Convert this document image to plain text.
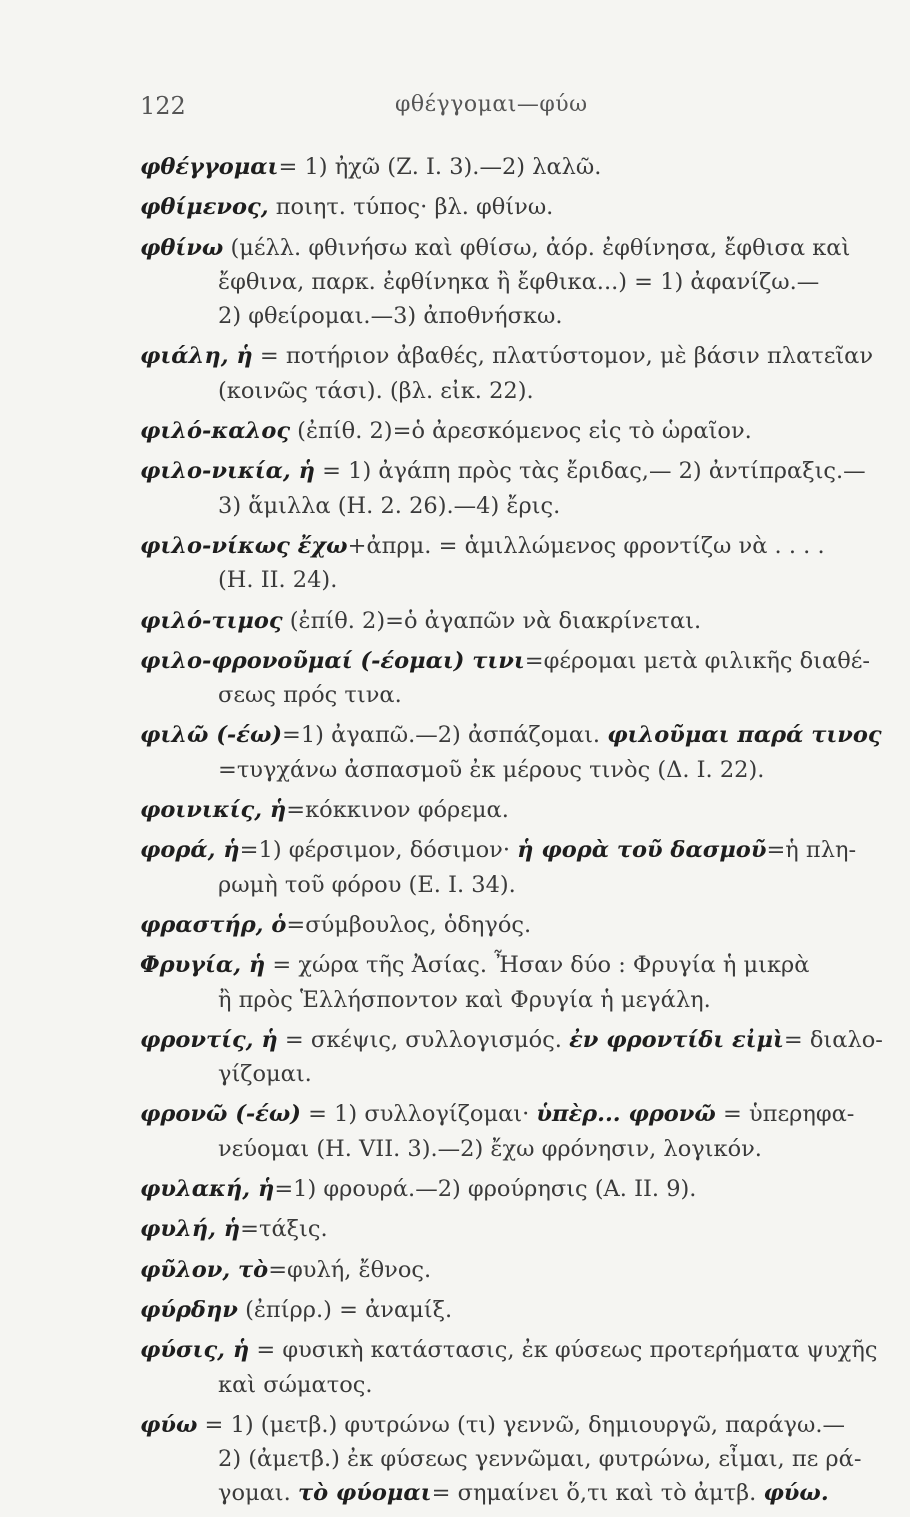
122	φθέγγομαι—φύω
φθέγγομαι= 1) ἠχῶ (Ζ. Ι. 3).—2) λαλῶ.
φθίμενος, ποιητ. τύπος· βλ. φθίνω.
φθίνω (μέλλ. φθινήσω καὶ φθίσω, ἀόρ. ἐφθίνησα, ἔφθισα καὶ
ἔφθινα, παρκ. ἐφθίνηκα ἢ ἔφθικα...) = 1) ἀφανίζω.—
2) φθείρομαι.—3) ἀποθνήσκω.
φιάλη, ἡ = ποτήριον ἀβαθές, πλατύστομον, μὲ βάσιν πλατεῖαν
(κοινῶς τάσι). (βλ. εἰκ. 22).
φιλό-καλος (ἐπίθ. 2)=ὁ ἀρεσκόμενος εἰς τὸ ὡραῖον.
φιλο-νικία, ἡ = 1) ἀγάπη πρὸς τὰς ἔριδας,— 2) ἀντίπραξις.—
3) ἅμιλλα (Η. 2. 26).—4) ἔρις.
φιλο-νίκως ἔχω+ἀπρμ. = ἁμιλλώμενος φροντίζω νὰ . . . .
(Η. ΙΙ. 24).
φιλό-τιμος (ἐπίθ. 2)=ὁ ἀγαπῶν νὰ διακρίνεται.
φιλο-φρονοῦμαί (-έομαι) τινι=φέρομαι μετὰ φιλικῆς διαθέ-
σεως πρός τινα.
φιλῶ (-έω)=1) ἀγαπῶ.—2) ἀσπάζομαι. φιλοῦμαι παρά τινος
=τυγχάνω ἀσπασμοῦ ἐκ μέρους τινὸς (Δ. Ι. 22).
φοινικίς, ἡ=κόκκινον φόρεμα.
φορά, ἡ=1) φέρσιμον, δόσιμον· ἡ φορὰ τοῦ δασμοῦ=ἡ πλη-
ρωμὴ τοῦ φόρου (Ε. Ι. 34).
φραστήρ, ὁ=σύμβουλος, ὁδηγός.
Φρυγία, ἡ = χώρα τῆς Ἀσίας. Ἦσαν δύο : Φρυγία ἡ μικρὰ
ἢ πρὸς Ἑλλήσποντον καὶ Φρυγία ἡ μεγάλη.
φροντίς, ἡ = σκέψις, συλλογισμός. ἐν φροντίδι εἰμὶ= διαλο-
γίζομαι.
φρονῶ (-έω) = 1) συλλογίζομαι· ὑπὲρ... φρονῶ = ὑπερηφα-
νεύομαι (Η. VII. 3).—2) ἔχω φρόνησιν, λογικόν.
φυλακή, ἡ=1) φρουρά.—2) φρούρησις (Α. ΙΙ. 9).
φυλή, ἡ=τάξις.
φῦλον, τὸ=φυλή, ἔθνος.
φύρδην (ἐπίρρ.) = ἀναμίξ.
φύσις, ἡ = φυσικὴ κατάστασις, ἐκ φύσεως προτερήματα ψυχῆς
καὶ σώματος.
φύω = 1) (μετβ.) φυτρώνω (τι) γεννῶ, δημιουργῶ, παράγω.—
2) (ἀμετβ.) ἐκ φύσεως γεννῶμαι, φυτρώνω, εἶμαι, πε ρά-
γομαι. τὸ φύομαι= σημαίνει ὅ,τι καὶ τὸ ἀμτβ. φύω.
